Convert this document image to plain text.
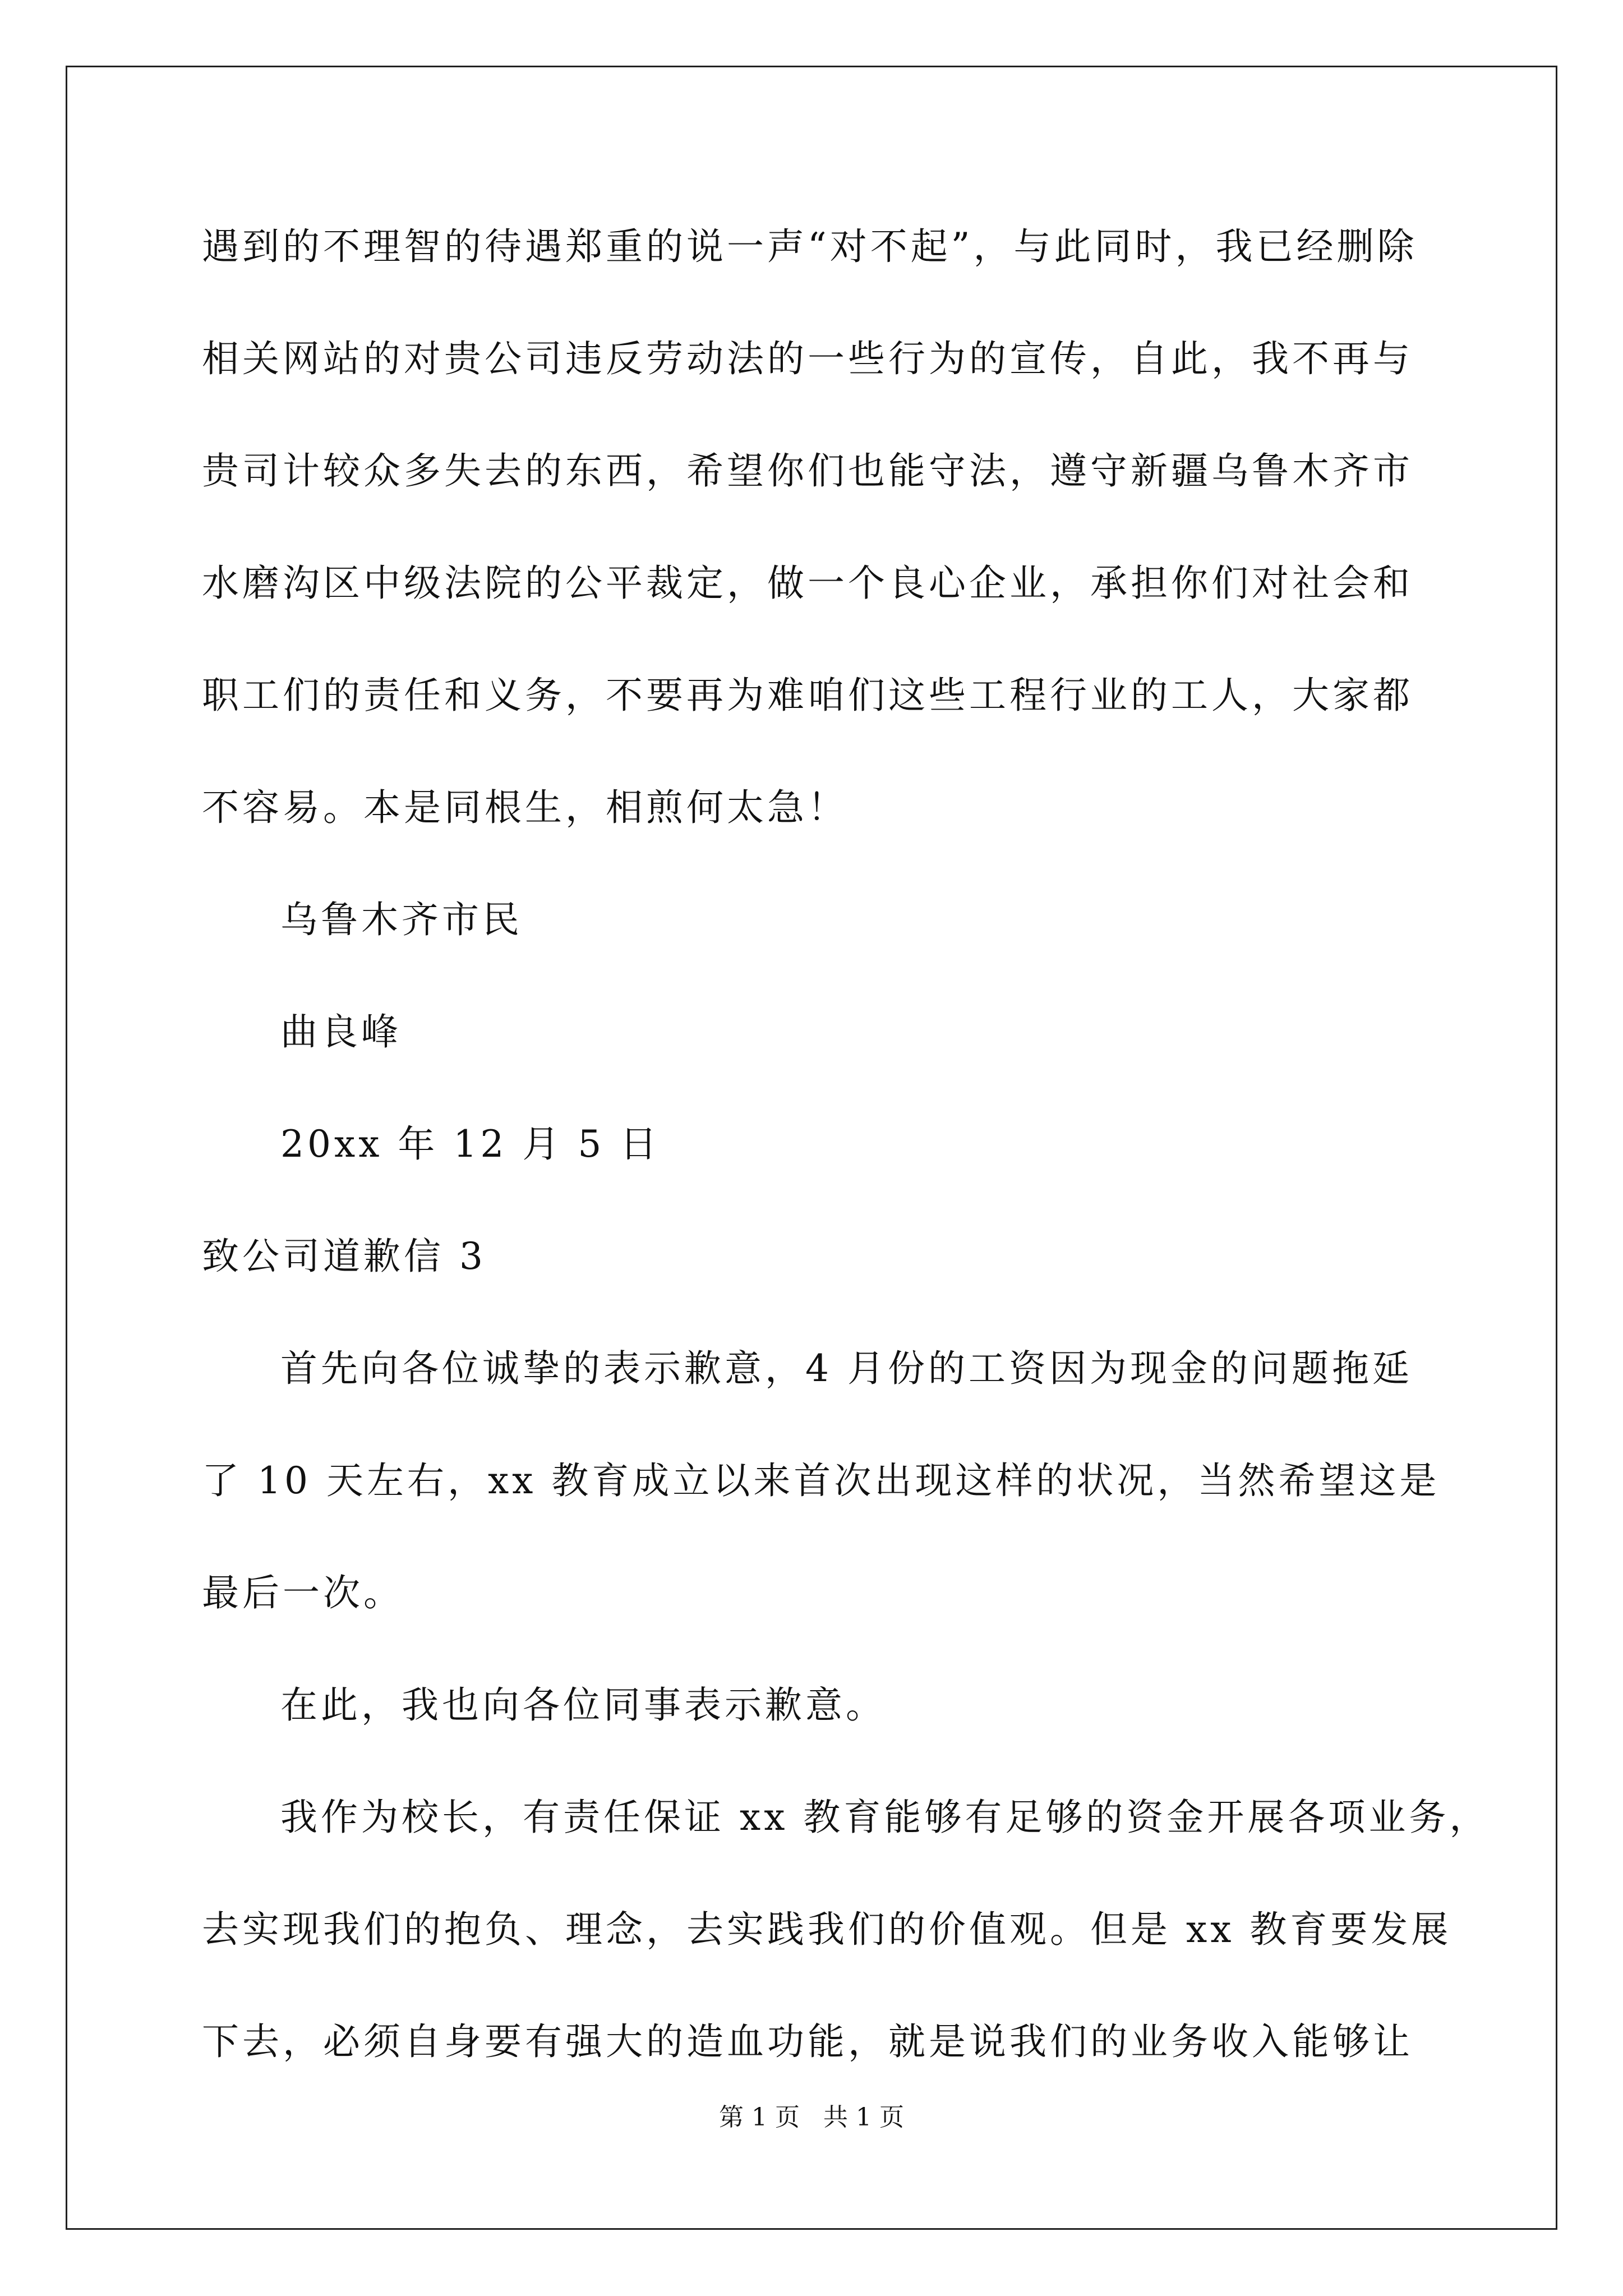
遇到的不理智的待遇郑重的说一声“对不起”，与此同时，我已经删除
相关网站的对贵公司违反劳动法的一些行为的宣传，自此，我不再与
贵司计较众多失去的东西，希望你们也能守法，遵守新疆乌鲁木齐市
水磨沟区中级法院的公平裁定，做一个良心企业，承担你们对社会和
职工们的责任和义务，不要再为难咱们这些工程行业的工人，大家都
不容易。本是同根生，相煎何太急！
乌鲁木齐市民
曲良峰
20xx 年 12 月 5 日
致公司道歉信 3
首先向各位诚挚的表示歉意，4 月份的工资因为现金的问题拖延
了 10 天左右，xx 教育成立以来首次出现这样的状况，当然希望这是
最后一次。
在此，我也向各位同事表示歉意。
我作为校长，有责任保证 xx 教育能够有足够的资金开展各项业务，
去实现我们的抱负、理念，去实践我们的价值观。但是 xx 教育要发展
下去，必须自身要有强大的造血功能，就是说我们的业务收入能够让
第 1 页   共 1 页
